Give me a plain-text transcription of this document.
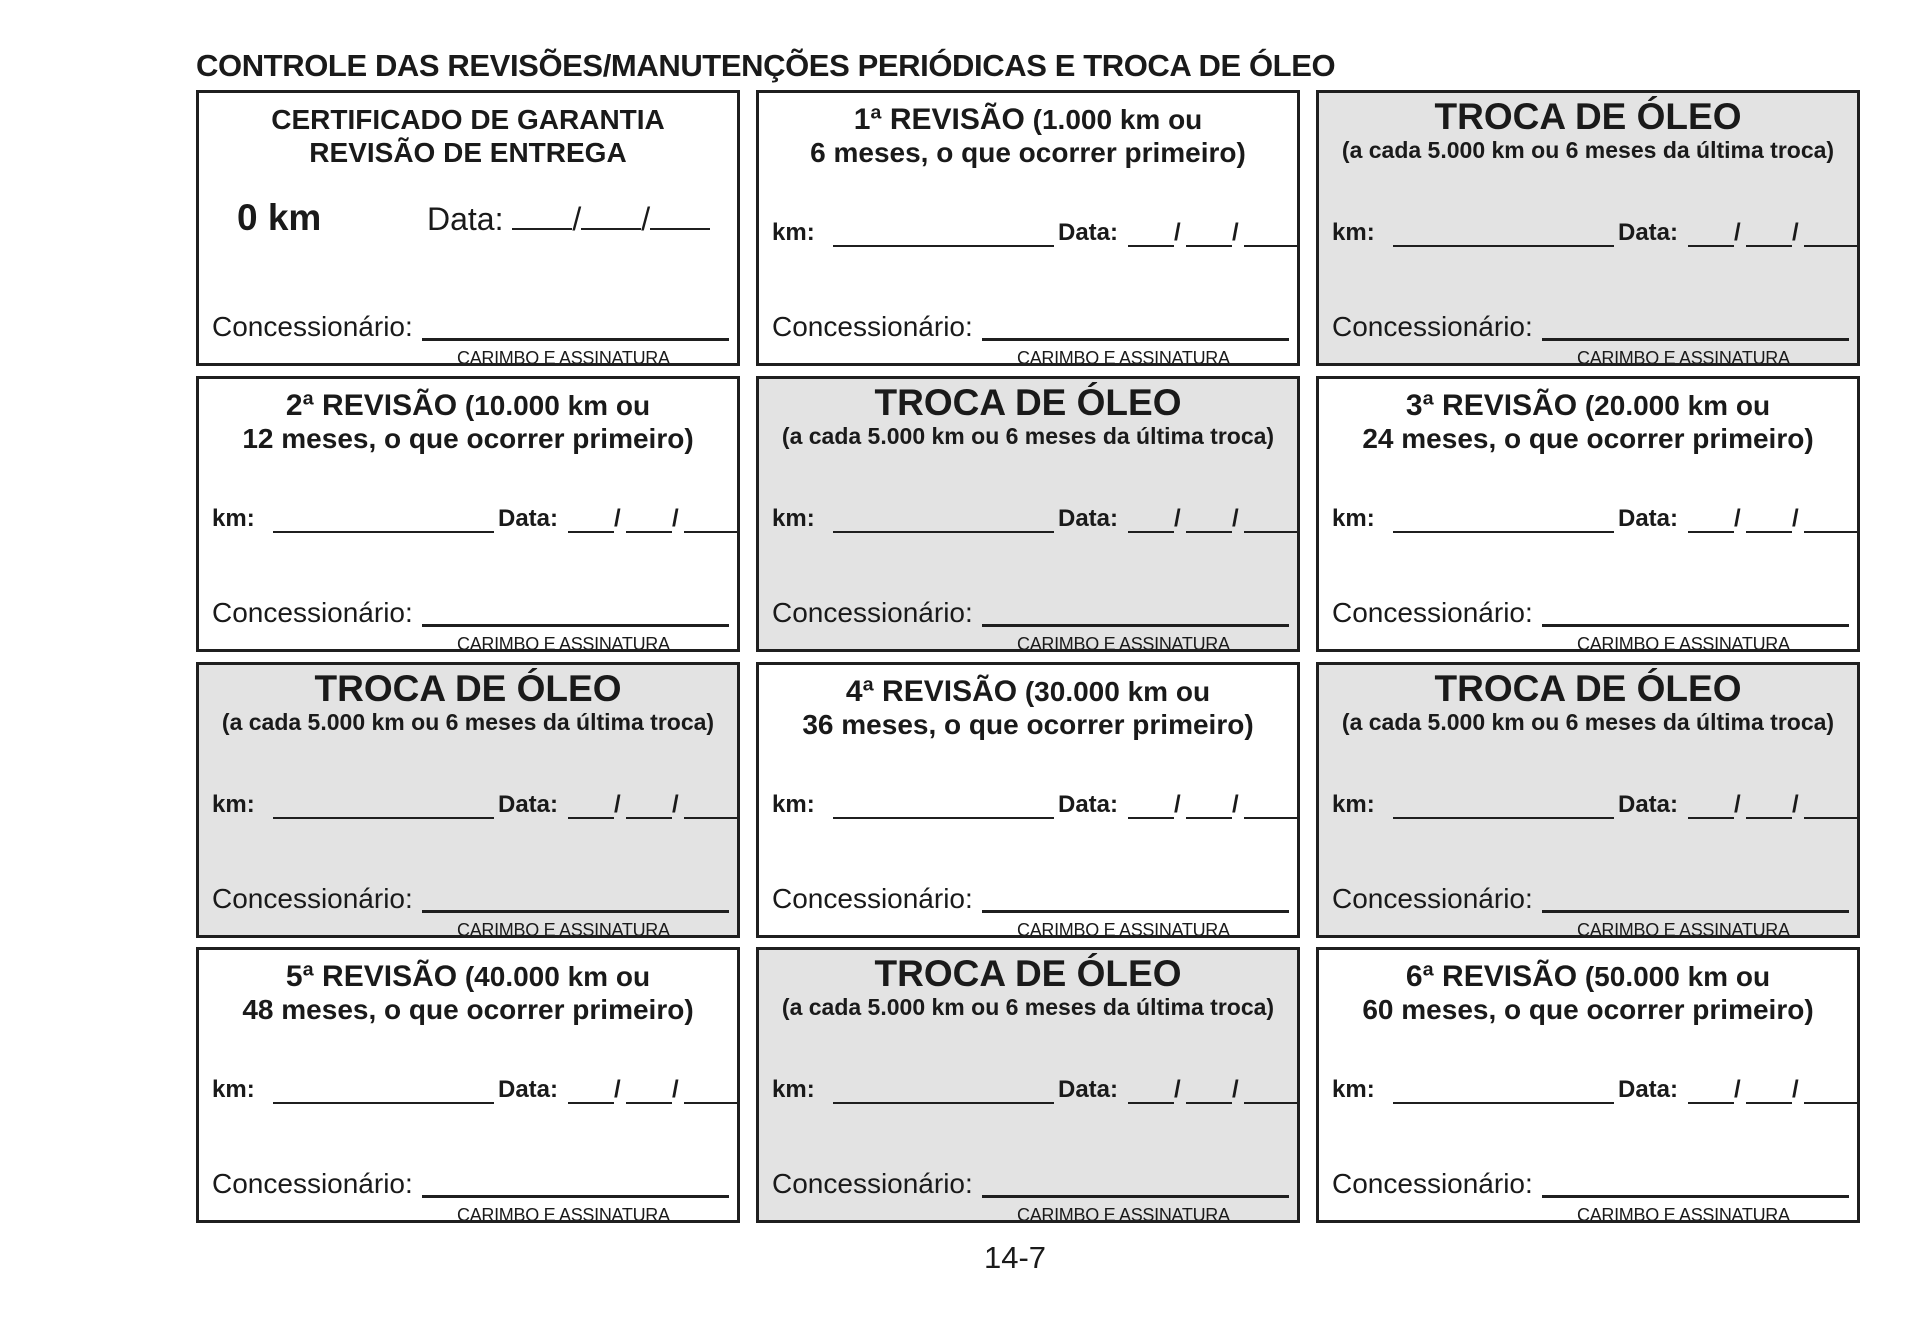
CONTROLE DAS REVISÕES/MANUTENÇÕES PERIÓDICAS E TROCA DE ÓLEO
CERTIFICADO DE GARANTIA
REVISÃO DE ENTREGA
0 km	Data: / /
Concessionário:
CARIMBO E ASSINATURA
1ª REVISÃO (1.000 km ou
6 meses, o que ocorrer primeiro)
km:	Data: / /
Concessionário:
CARIMBO E ASSINATURA
TROCA DE ÓLEO
(a cada 5.000 km ou 6 meses da última troca)
km:	Data: / /
Concessionário:
CARIMBO E ASSINATURA
2ª REVISÃO (10.000 km ou
12 meses, o que ocorrer primeiro)
km:	Data: / /
Concessionário:
CARIMBO E ASSINATURA
TROCA DE ÓLEO
(a cada 5.000 km ou 6 meses da última troca)
km:	Data: / /
Concessionário:
CARIMBO E ASSINATURA
3ª REVISÃO (20.000 km ou
24 meses, o que ocorrer primeiro)
km:	Data: / /
Concessionário:
CARIMBO E ASSINATURA
TROCA DE ÓLEO
(a cada 5.000 km ou 6 meses da última troca)
km:	Data: / /
Concessionário:
CARIMBO E ASSINATURA
4ª REVISÃO (30.000 km ou
36 meses, o que ocorrer primeiro)
km:	Data: / /
Concessionário:
CARIMBO E ASSINATURA
TROCA DE ÓLEO
(a cada 5.000 km ou 6 meses da última troca)
km:	Data: / /
Concessionário:
CARIMBO E ASSINATURA
5ª REVISÃO (40.000 km ou
48 meses, o que ocorrer primeiro)
km:	Data: / /
Concessionário:
CARIMBO E ASSINATURA
TROCA DE ÓLEO
(a cada 5.000 km ou 6 meses da última troca)
km:	Data: / /
Concessionário:
CARIMBO E ASSINATURA
6ª REVISÃO (50.000 km ou
60 meses, o que ocorrer primeiro)
km:	Data: / /
Concessionário:
CARIMBO E ASSINATURA
14-7
